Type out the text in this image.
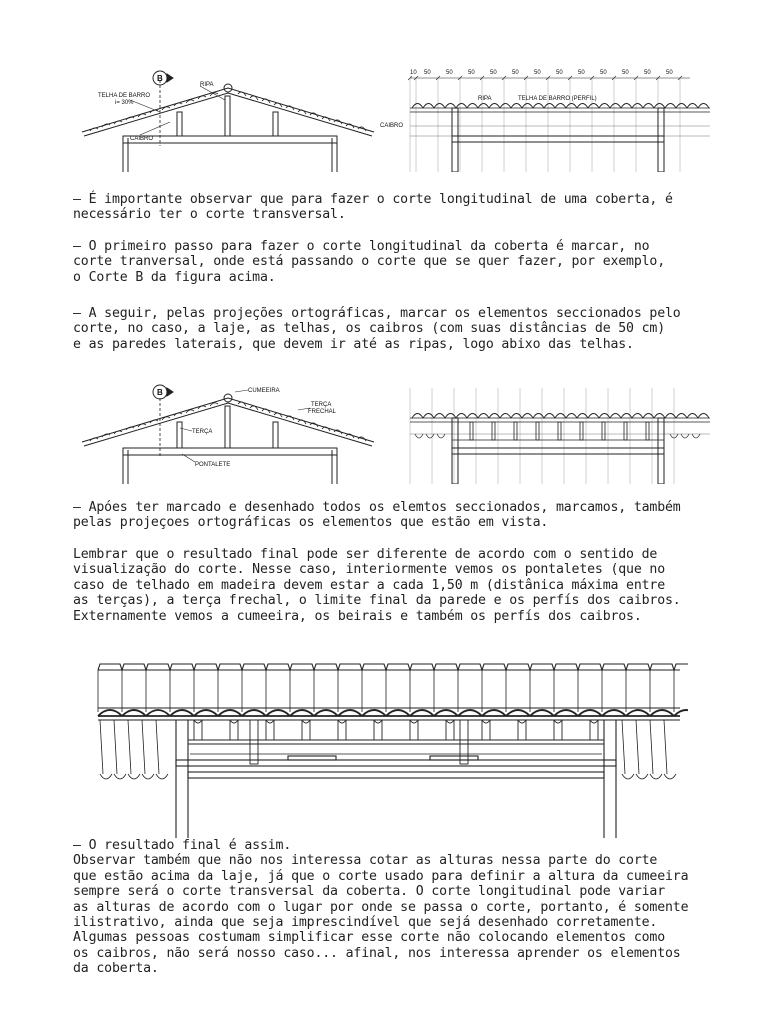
B
TELHA DE BARRO
i= 30%
RIPA
CAIBRO
10 50	50	50	50	50	50	50	50	50	50	50	50
RIPA	TELHA DE BARRO (PERFIL)
CAIBRO

– É importante observar que para fazer o corte longitudinal de uma coberta, é
necessário ter o corte transversal.

– O primeiro passo para fazer o corte longitudinal da coberta é marcar, no
corte tranversal, onde está passando o corte que se quer fazer, por exemplo,
o Corte B da figura acima.

– A seguir, pelas projeções ortográficas, marcar os elementos seccionados pelo
corte, no caso, a laje, as telhas, os caibros (com suas distâncias de 50 cm)
e as paredes laterais, que devem ir até as ripas, logo abixo das telhas.

B	CUMEEIRA
TERÇA
FRECHAL
TERÇA
PONTALETE

– Apóes ter marcado e desenhado todos os elemtos seccionados, marcamos, também
pelas projeçoes ortográficas os elementos que estão em vista.

Lembrar que o resultado final pode ser diferente de acordo com o sentido de
visualização do corte. Nesse caso, interiormente vemos os pontaletes (que no
caso de telhado em madeira devem estar a cada 1,50 m (distânica máxima entre
as terças), a terça frechal, o limite final da parede e os perfís dos caibros.
Externamente vemos a cumeeira, os beirais e também os perfís dos caibros.

– O resultado final é assim.
Observar também que não nos interessa cotar as alturas nessa parte do corte
que estão acima da laje, já que o corte usado para definir a altura da cumeeira
sempre será o corte transversal da coberta. O corte longitudinal pode variar
as alturas de acordo com o lugar por onde se passa o corte, portanto, é somente
ilistrativo, ainda que seja imprescindível que sejá desenhado corretamente.
Algumas pessoas costumam simplificar esse corte não colocando elementos como
os caibros, não será nosso caso... afinal, nos interessa aprender os elementos
da coberta.
